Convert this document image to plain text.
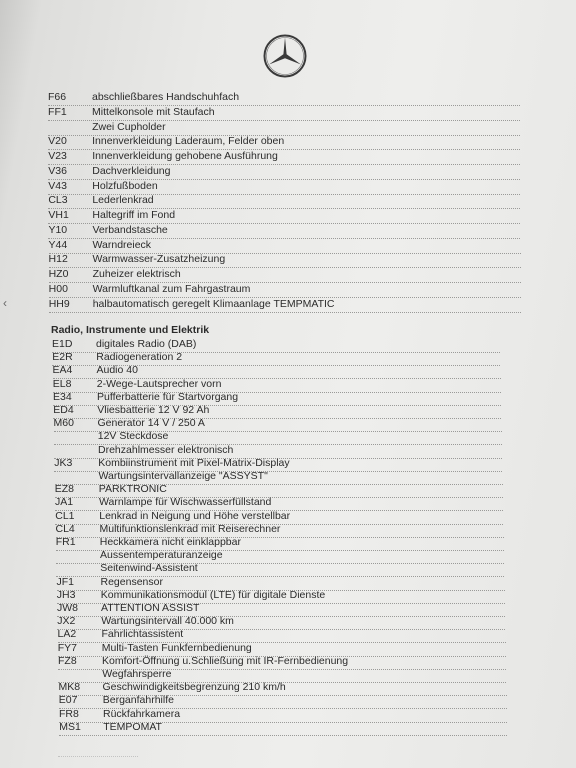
‹
F66 abschließbares Handschuhfach
FF1 Mittelkonsole mit Staufach
Zwei Cupholder
V20 Innenverkleidung Laderaum, Felder oben
V23 Innenverkleidung gehobene Ausführung
V36 Dachverkleidung
V43 Holzfußboden
CL3 Lederlenkrad
VH1 Haltegriff im Fond
Y10 Verbandstasche
Y44 Warndreieck
H12 Warmwasser-Zusatzheizung
HZ0 Zuheizer elektrisch
H00 Warmluftkanal zum Fahrgastraum
HH9 halbautomatisch geregelt Klimaanlage TEMPMATIC
Radio, Instrumente und Elektrik
E1D digitales Radio (DAB)
E2R Radiogeneration 2
EA4 Audio 40
EL8 2-Wege-Lautsprecher vorn
E34 Pufferbatterie für Startvorgang
ED4 Vliesbatterie 12 V 92 Ah
M60 Generator 14 V / 250 A
12V Steckdose
Drehzahlmesser elektronisch
JK3 Kombiinstrument mit Pixel-Matrix-Display
Wartungsintervallanzeige "ASSYST"
EZ8 PARKTRONIC
JA1 Warnlampe für Wischwasserfüllstand
CL1 Lenkrad in Neigung und Höhe verstellbar
CL4 Multifunktionslenkrad mit Reiserechner
FR1 Heckkamera nicht einklappbar
Aussentemperaturanzeige
Seitenwind-Assistent
JF1	Regensensor
JH3 Kommunikationsmodul (LTE) für digitale Dienste
JW8 ATTENTION ASSIST
JX2 Wartungsintervall 40.000 km
LA2 Fahrlichtassistent
FY7 Multi-Tasten Funkfernbedienung
FZ8 Komfort-Öffnung u.Schließung mit IR-Fernbedienung
Wegfahrsperre
MK8 Geschwindigkeitsbegrenzung 210 km/h
E07 Berganfahrhilfe
FR8 Rückfahrkamera
MS1 TEMPOMAT
